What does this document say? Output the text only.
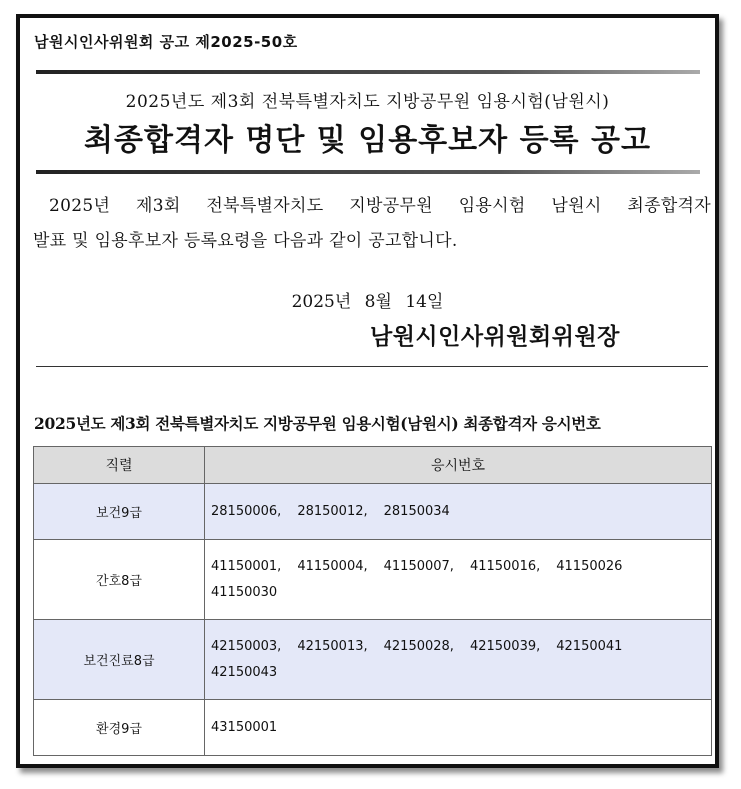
남원시인사위원회 공고 제2025-50호
2025년도 제3회 전북특별자치도 지방공무원 임용시험(남원시)
최종합격자 명단 및 임용후보자 등록 공고
2025년 제3회 전북특별자치도 지방공무원 임용시험 남원시 최종합격자
발표 및 임용후보자 등록요령을 다음과 같이 공고합니다.
2025년 8월 14일
남원시인사위원회위원장
2025년도 제3회 전북특별자치도 지방공무원 임용시험(남원시) 최종합격자 응시번호
직렬	응시번호
보건9급	28150006, 28150012, 28150034

간호8급	41150001, 41150004, 41150007, 41150016, 41150026
41150030

보건진료8급	42150003, 42150013, 42150028, 42150039, 42150041
42150043

환경9급	43150001
